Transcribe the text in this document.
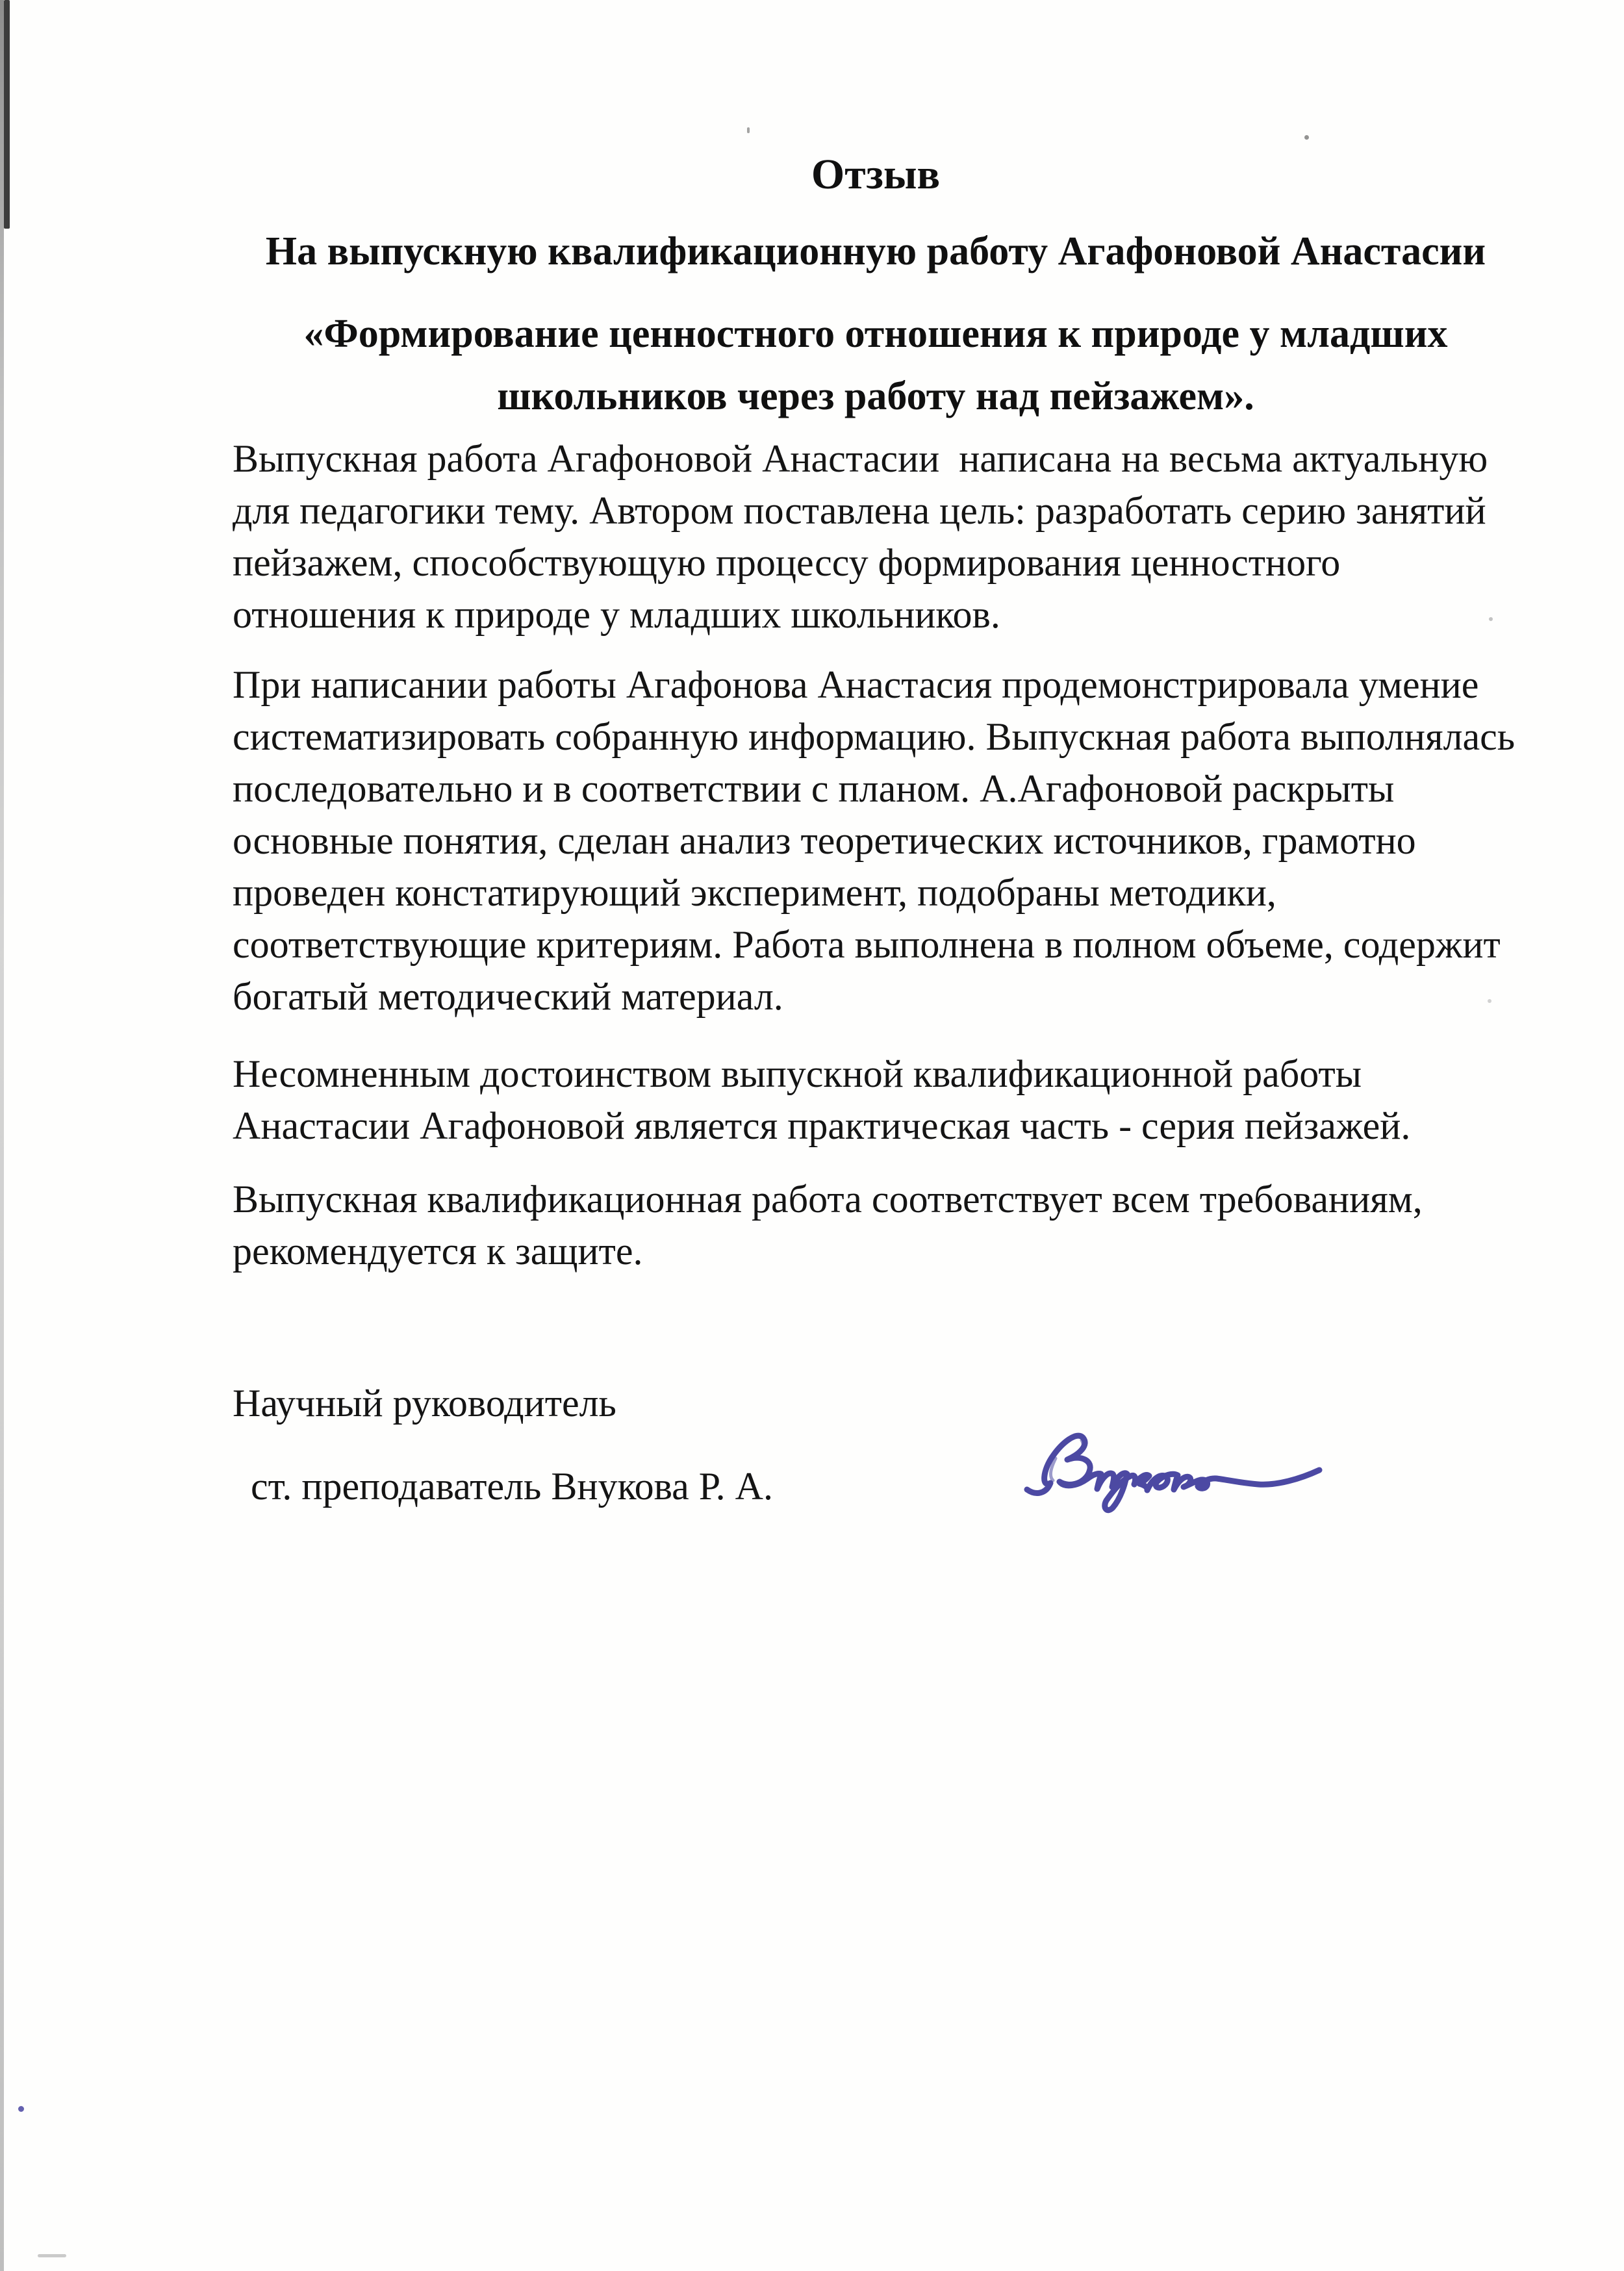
Отзыв
На выпускную квалификационную работу Агафоновой Анастасии
«Формирование ценностного отношения к природе у младших
школьников через работу над пейзажем».
Выпускная работа Агафоновой Анастасии  написана на весьма актуальную
для педагогики тему. Автором поставлена цель: разработать серию занятий
пейзажем, способствующую процессу формирования ценностного
отношения к природе у младших школьников.
При написании работы Агафонова Анастасия продемонстрировала умение
систематизировать собранную информацию. Выпускная работа выполнялась
последовательно и в соответствии с планом. А.Агафоновой раскрыты
основные понятия, сделан анализ теоретических источников, грамотно
проведен констатирующий эксперимент, подобраны методики,
соответствующие критериям. Работа выполнена в полном объеме, содержит
богатый методический материал.
Несомненным достоинством выпускной квалификационной работы
Анастасии Агафоновой является практическая часть - серия пейзажей.
Выпускная квалификационная работа соответствует всем требованиям,
рекомендуется к защите.
Научный руководитель
ст. преподаватель Внукова Р. А.
